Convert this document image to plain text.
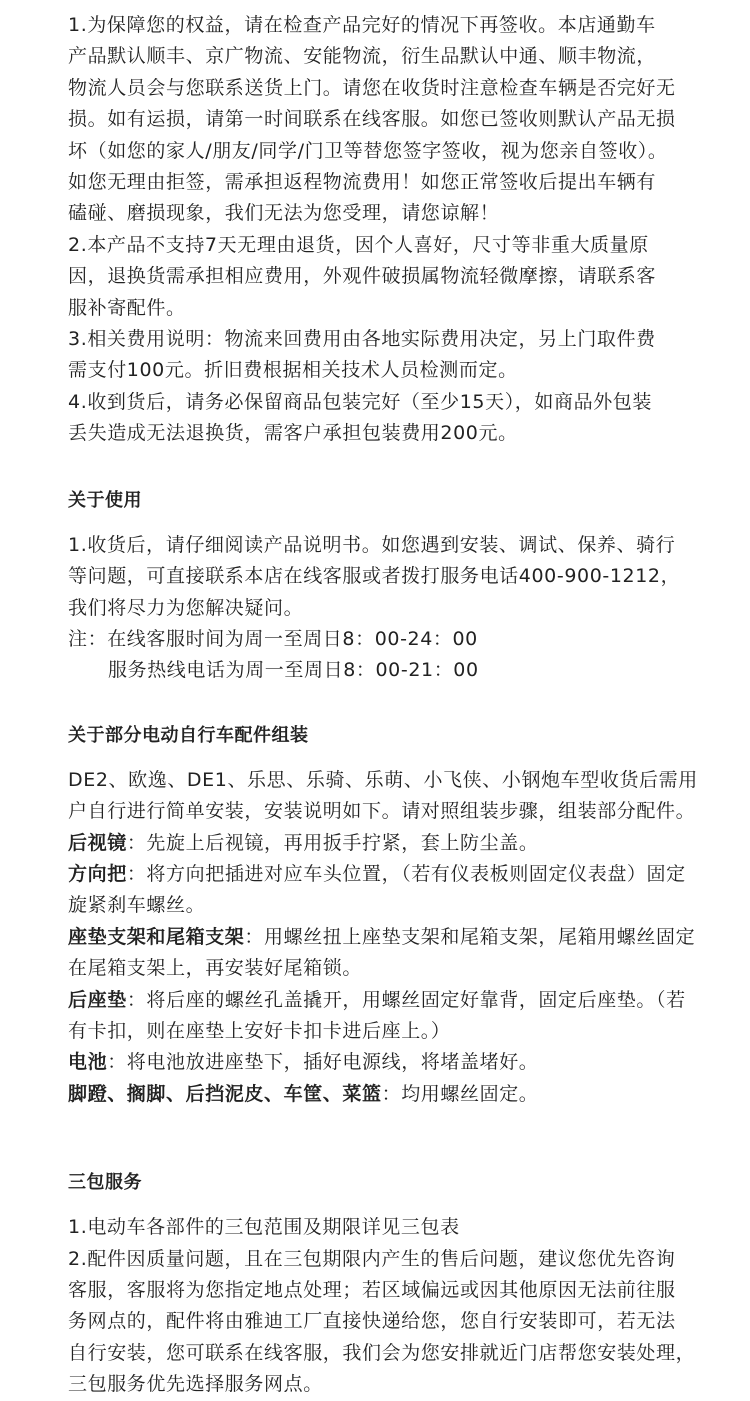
1.为保障您的权益，请在检查产品完好的情况下再签收。本店通勤车
产品默认顺丰、京广物流、安能物流，衍生品默认中通、顺丰物流，
物流人员会与您联系送货上门。请您在收货时注意检查车辆是否完好无
损。如有运损，请第一时间联系在线客服。如您已签收则默认产品无损
坏（如您的家人/朋友/同学/门卫等替您签字签收，视为您亲自签收）。
如您无理由拒签，需承担返程物流费用！如您正常签收后提出车辆有
磕碰、磨损现象，我们无法为您受理，请您谅解！
2.本产品不支持7天无理由退货，因个人喜好，尺寸等非重大质量原
因，退换货需承担相应费用，外观件破损属物流轻微摩擦，请联系客
服补寄配件。
3.相关费用说明：物流来回费用由各地实际费用决定，另上门取件费
需支付100元。折旧费根据相关技术人员检测而定。
4.收到货后，请务必保留商品包装完好（至少15天），如商品外包装
丢失造成无法退换货，需客户承担包装费用200元。
关于使用
1.收货后，请仔细阅读产品说明书。如您遇到安装、调试、保养、骑行
等问题，可直接联系本店在线客服或者拨打服务电话400-900-1212，
我们将尽力为您解决疑问。
注：在线客服时间为周一至周日8：00-24：00
服务热线电话为周一至周日8：00-21：00
关于部分电动自行车配件组装
DE2、欧逸、DE1、乐思、乐骑、乐萌、小飞侠、小钢炮车型收货后需用
户自行进行简单安装，安装说明如下。请对照组装步骤，组装部分配件。
后视镜：先旋上后视镜，再用扳手拧紧，套上防尘盖。
方向把：将方向把插进对应车头位置，（若有仪表板则固定仪表盘）固定
旋紧刹车螺丝。
座垫支架和尾箱支架：用螺丝扭上座垫支架和尾箱支架，尾箱用螺丝固定
在尾箱支架上，再安装好尾箱锁。
后座垫：将后座的螺丝孔盖撬开，用螺丝固定好靠背，固定后座垫。（若
有卡扣，则在座垫上安好卡扣卡进后座上。）
电池：将电池放进座垫下，插好电源线，将堵盖堵好。
脚蹬、搁脚、后挡泥皮、车筐、菜篮：均用螺丝固定。
三包服务
1.电动车各部件的三包范围及期限详见三包表
2.配件因质量问题，且在三包期限内产生的售后问题，建议您优先咨询
客服，客服将为您指定地点处理；若区域偏远或因其他原因无法前往服
务网点的，配件将由雅迪工厂直接快递给您，您自行安装即可，若无法
自行安装，您可联系在线客服，我们会为您安排就近门店帮您安装处理，
三包服务优先选择服务网点。
